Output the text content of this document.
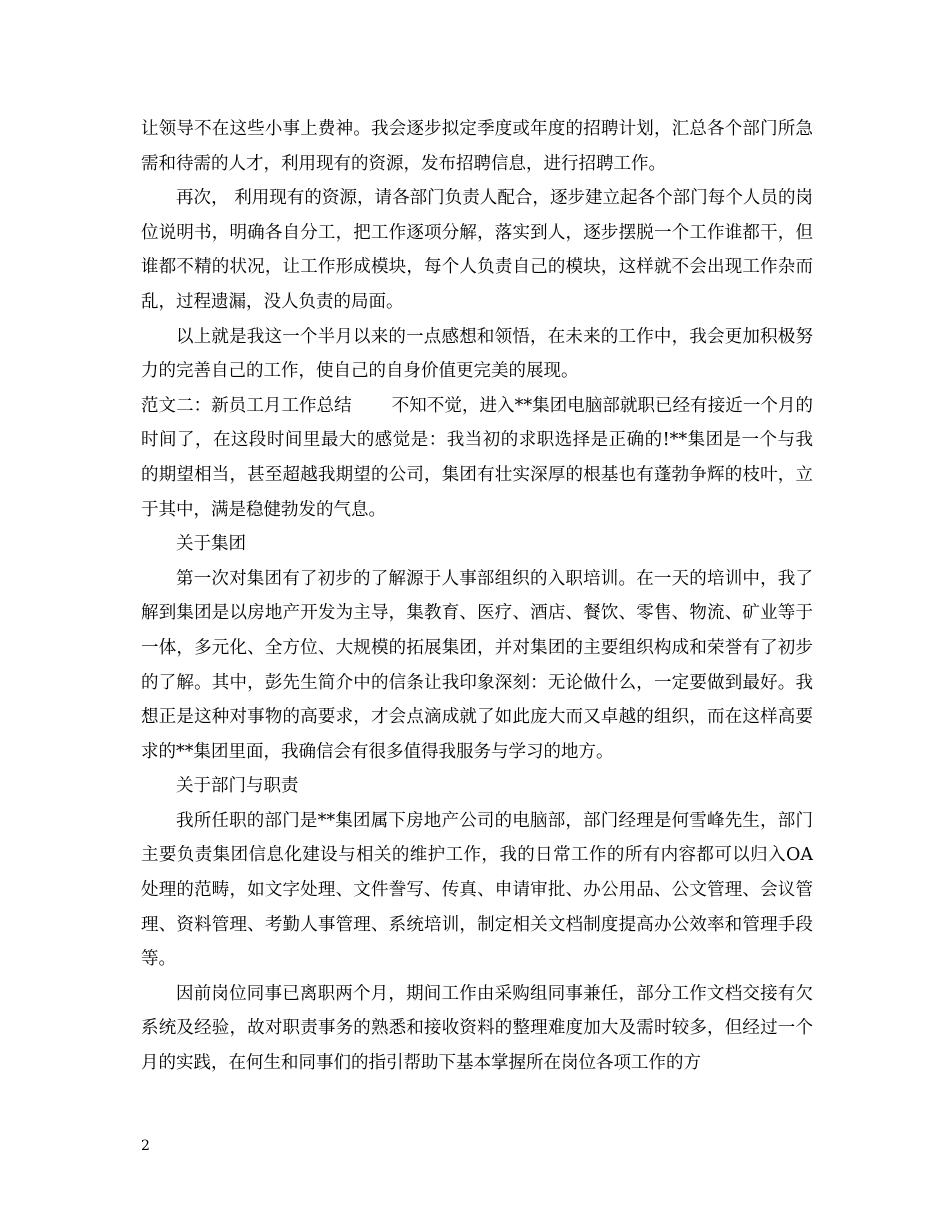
让领导不在这些小事上费神。我会逐步拟定季度或年度的招聘计划，汇总各个部门所急需和待需的人才，利用现有的资源，发布招聘信息，进行招聘工作。

再次， 利用现有的资源，请各部门负责人配合，逐步建立起各个部门每个人员的岗位说明书，明确各自分工，把工作逐项分解，落实到人，逐步摆脱一个工作谁都干，但谁都不精的状况，让工作形成模块，每个人负责自己的模块，这样就不会出现工作杂而乱，过程遗漏，没人负责的局面。

以上就是我这一个半月以来的一点感想和领悟，在未来的工作中，我会更加积极努力的完善自己的工作，使自己的自身价值更完美的展现。

范文二：新员工月工作总结 不知不觉，进入**集团电脑部就职已经有接近一个月的时间了，在这段时间里最大的感觉是：我当初的求职选择是正确的!**集团是一个与我的期望相当，甚至超越我期望的公司，集团有壮实深厚的根基也有蓬勃争辉的枝叶，立于其中，满是稳健勃发的气息。

关于集团

第一次对集团有了初步的了解源于人事部组织的入职培训。在一天的培训中，我了解到集团是以房地产开发为主导，集教育、医疗、酒店、餐饮、零售、物流、矿业等于一体，多元化、全方位、大规模的拓展集团，并对集团的主要组织构成和荣誉有了初步的了解。其中，彭先生简介中的信条让我印象深刻：无论做什么，一定要做到最好。我想正是这种对事物的高要求，才会点滴成就了如此庞大而又卓越的组织，而在这样高要求的**集团里面，我确信会有很多值得我服务与学习的地方。

关于部门与职责

我所任职的部门是**集团属下房地产公司的电脑部，部门经理是何雪峰先生，部门主要负责集团信息化建设与相关的维护工作，我的日常工作的所有内容都可以归入OA处理的范畴，如文字处理、文件誊写、传真、申请审批、办公用品、公文管理、会议管理、资料管理、考勤人事管理、系统培训，制定相关文档制度提高办公效率和管理手段等。

因前岗位同事已离职两个月，期间工作由采购组同事兼任，部分工作文档交接有欠系统及经验，故对职责事务的熟悉和接收资料的整理难度加大及需时较多，但经过一个月的实践，在何生和同事们的指引帮助下基本掌握所在岗位各项工作的方

2
